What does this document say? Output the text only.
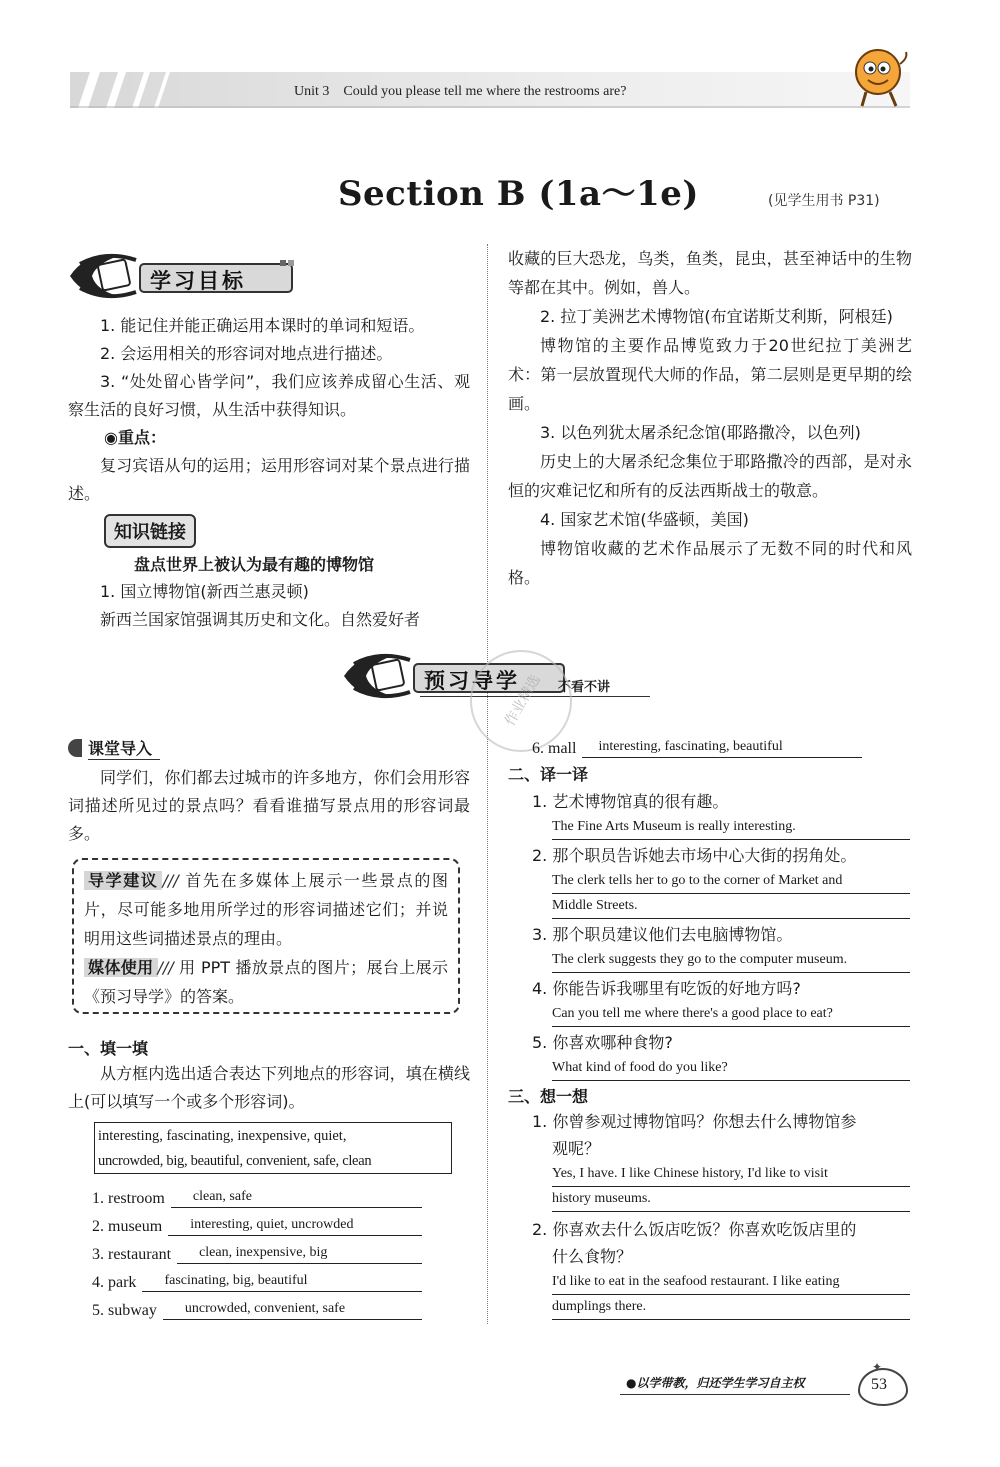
Unit 3    Could you please tell me where the restrooms are?
Section B (1a～1e)	(见学生用书 P31)
学习目标

1. 能记住并能正确运用本课时的单词和短语。

2. 会运用相关的形容词对地点进行描述。

3. “处处留心皆学问”，我们应该养成留心生活、观察生活的良好习惯，从生活中获得知识。

◉重点：

复习宾语从句的运用；运用形容词对某个景点进行描述。

知识链接
盘点世界上被认为最有趣的博物馆

1. 国立博物馆(新西兰惠灵顿)

新西兰国家馆强调其历史和文化。自然爱好者

收藏的巨大恐龙，鸟类，鱼类，昆虫，甚至神话中的生物等都在其中。例如，兽人。

2. 拉丁美洲艺术博物馆(布宜诺斯艾利斯，阿根廷)

博物馆的主要作品博览致力于20世纪拉丁美洲艺术：第一层放置现代大师的作品，第二层则是更早期的绘画。

3. 以色列犹太屠杀纪念馆(耶路撒冷，以色列)

历史上的大屠杀纪念集位于耶路撒冷的西部，是对永恒的灾难记忆和所有的反法西斯战士的敬意。

4. 国家艺术馆(华盛顿，美国)

博物馆收藏的艺术作品展示了无数不同的时代和风格。

预习导学	不看不讲
作业精选
课堂导入

同学们，你们都去过城市的许多地方，你们会用形容词描述所见过的景点吗？看看谁描写景点用的形容词最多。

导学建议 /// 首先在多媒体上展示一些景点的图片，尽可能多地用所学过的形容词描述它们；并说明用这些词描述景点的理由。

媒体使用 /// 用 PPT 播放景点的图片；展台上展示《预习导学》的答案。

一、填一填

从方框内选出适合表达下列地点的形容词，填在横线上(可以填写一个或多个形容词)。

interesting, fascinating, inexpensive, quiet,
uncrowded, big, beautiful, convenient, safe, clean
1. restroom	clean, safe
2. museum	interesting, quiet, uncrowded
3. restaurant	clean, inexpensive, big
4. park	fascinating, big, beautiful
5. subway	uncrowded, convenient, safe
6. mall	interesting, fascinating, beautiful
二、译一译
1. 艺术博物馆真的很有趣。
The Fine Arts Museum is really interesting.
2. 那个职员告诉她去市场中心大街的拐角处。
The clerk tells her to go to the corner of Market and
Middle Streets.
3. 那个职员建议他们去电脑博物馆。
The clerk suggests they go to the computer museum.
4. 你能告诉我哪里有吃饭的好地方吗?
Can you tell me where there's a good place to eat?
5. 你喜欢哪种食物?
What kind of food do you like?
三、想一想
1. 你曾参观过博物馆吗？你想去什么博物馆参
观呢？
Yes, I have. I like Chinese history, I'd like to visit
history museums.
2. 你喜欢去什么饭店吃饭？你喜欢吃饭店里的
什么食物？
I'd like to eat in the seafood restaurant. I like eating
dumplings there.
●以学带教，归还学生学习自主权	53
✦
